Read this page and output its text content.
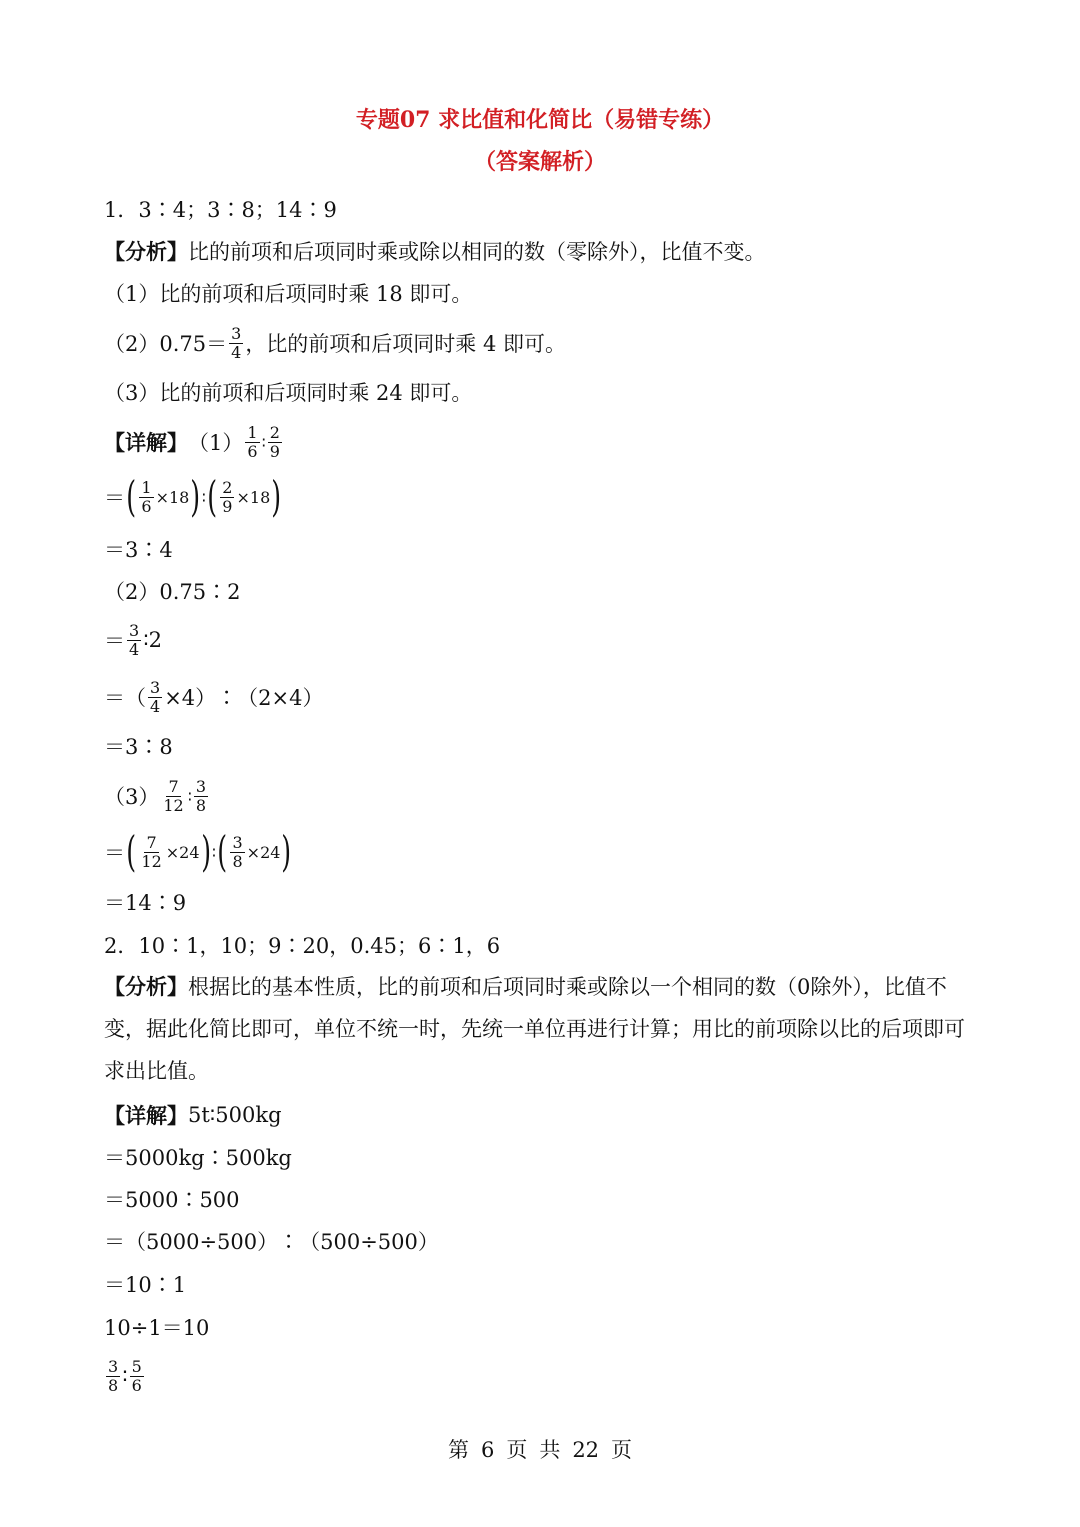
专题07 求比值和化简比（易错专练）
（答案解析）
1．3∶4；3∶8；14∶9
【分析】 比的前项和后项同时乘或除以相同的数（零除外），比值不变。
（1）比的前项和后项同时乘 18 即可。
$(2)0.75= \frac{3}{4}$ ，比的前项和后项同时乘 4 即可。
（3）比的前项和后项同时乘 24 即可。
【详解】 $(1) \frac{1}{6}$ ∶ $\frac{2}{9}$
＝ ( $\frac{1}{6} \times 18$ ) ∶ ( $\frac{2}{9} \times 18$ )
＝3∶4
（2）0.75∶2
＝ $\frac{3}{4}$ ∶2
＝（ $\frac{3}{4}$ ×4）∶（2×4）
＝3∶8
$(3) \frac{7}{12}$ ∶ $\frac{3}{8}$
＝ ( $\frac{7}{12} \times 24$ ) ∶ ( $\frac{3}{8} \times 24$ )
＝14∶9
2．10∶1，10；9∶20，0.45；6∶1，6
【分析】根据比的基本性质，比的前项和后项同时乘或除以一个相同的数（0除外），比值不变，据此化简比即可，单位不统一时，先统一单位再进行计算；用比的前项除以比的后项即可求出比值。
【详解】 5t∶500kg
＝5000kg∶500kg
＝5000∶500
＝（5000÷500）∶（500÷500）
＝10∶1
10÷1＝10
$\frac{3}{8}$ ∶ $\frac{5}{6}$
第 6 页 共 22 页
